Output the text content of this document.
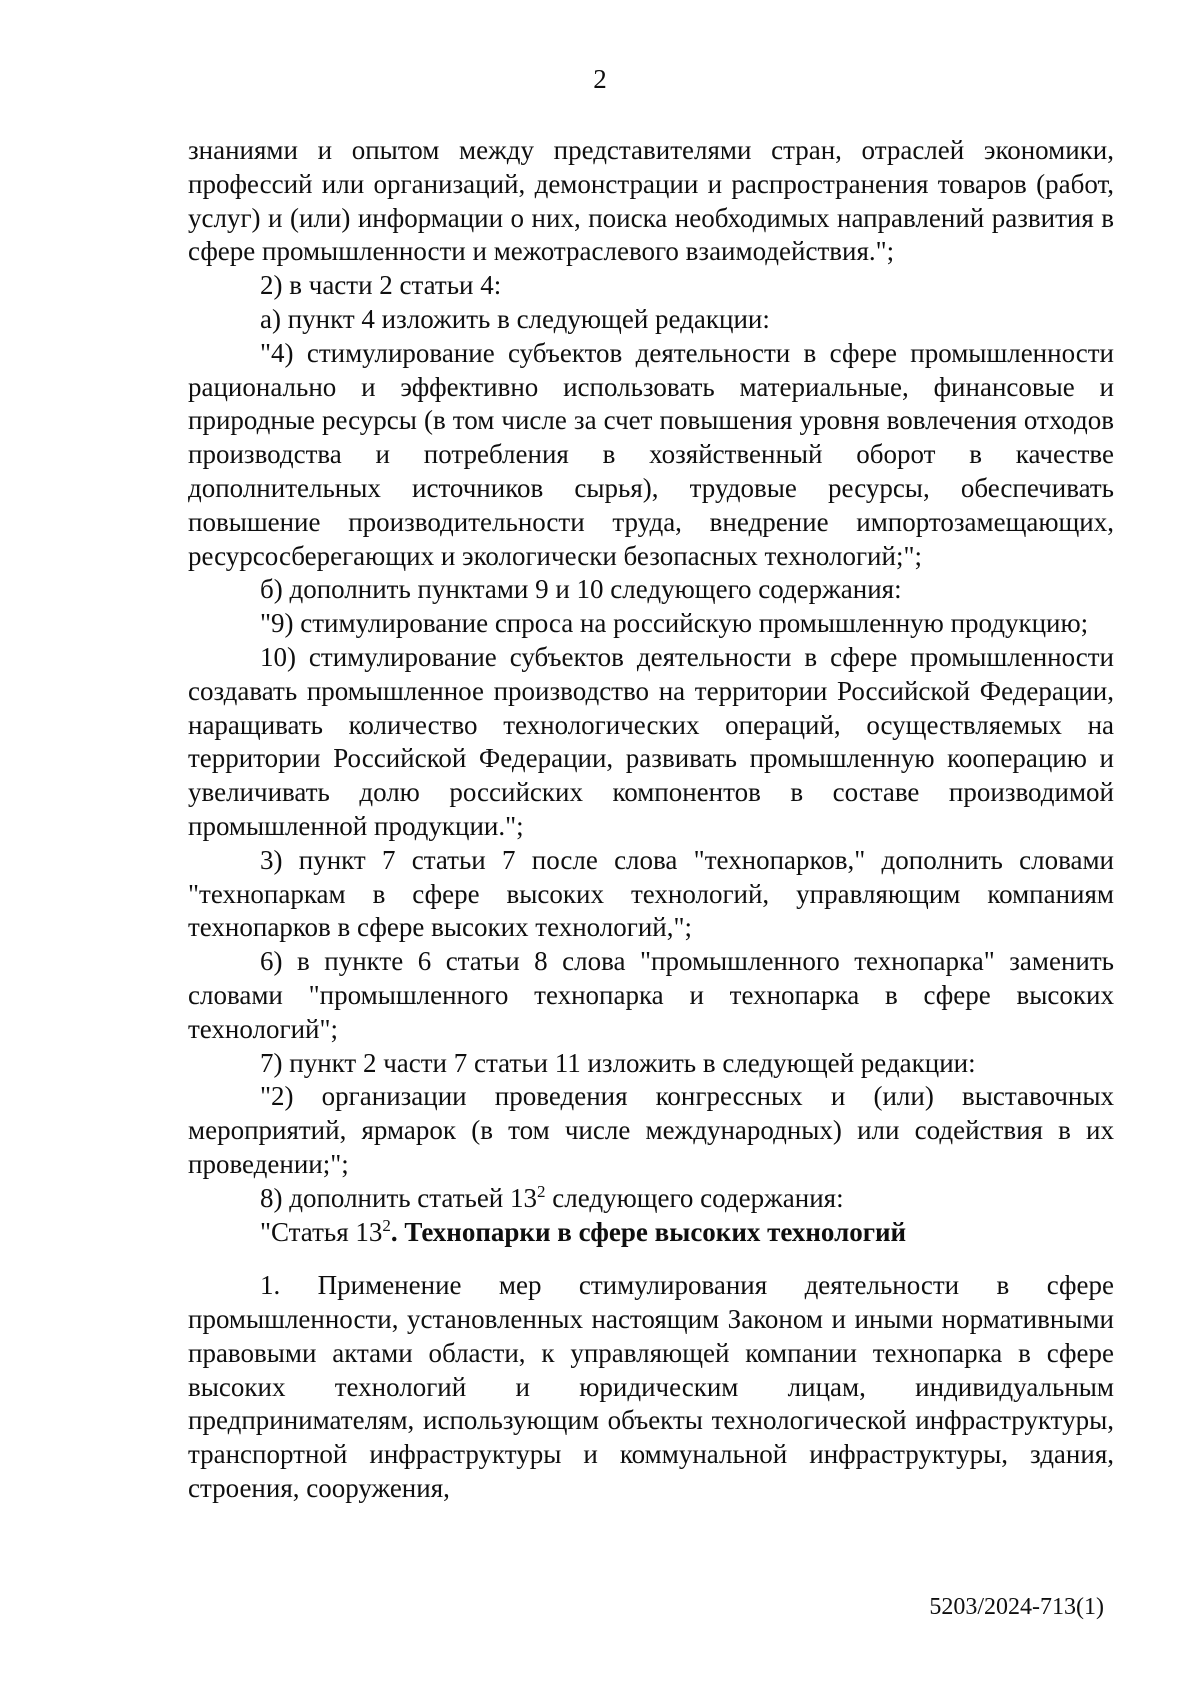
2

знаниями и опытом между представителями стран, отраслей экономики, профессий или организаций, демонстрации и распространения товаров (работ, услуг) и (или) информации о них, поиска необходимых направлений развития в сфере промышленности и межотраслевого взаимодействия.";

2) в части 2 статьи 4:

а) пункт 4 изложить в следующей редакции:

"4) стимулирование субъектов деятельности в сфере промышленности рационально и эффективно использовать материальные, финансовые и природные ресурсы (в том числе за счет повышения уровня вовлечения отходов производства и потребления в хозяйственный оборот в качестве дополнительных источников сырья), трудовые ресурсы, обеспечивать повышение производительности труда, внедрение импортозамещающих, ресурсосберегающих и экологически безопасных технологий;";

б) дополнить пунктами 9 и 10 следующего содержания:

"9) стимулирование спроса на российскую промышленную продукцию;

10) стимулирование субъектов деятельности в сфере промышленности создавать промышленное производство на территории Российской Федерации, наращивать количество технологических операций, осуществляемых на территории Российской Федерации, развивать промышленную кооперацию и увеличивать долю российских компонентов в составе производимой промышленной продукции.";

3) пункт 7 статьи 7 после слова "технопарков," дополнить словами "технопаркам в сфере высоких технологий, управляющим компаниям технопарков в сфере высоких технологий,";

6) в пункте 6 статьи 8 слова "промышленного технопарка" заменить словами "промышленного технопарка и технопарка в сфере высоких технологий";

7) пункт 2 части 7 статьи 11 изложить в следующей редакции:

"2) организации проведения конгрессных и (или) выставочных мероприятий, ярмарок (в том числе международных) или содействия в их проведении;";

8) дополнить статьей $13^2$ следующего содержания:

"Статья $13^2$. Технопарки в сфере высоких технологий

1. Применение мер стимулирования деятельности в сфере промышленности, установленных настоящим Законом и иными нормативными правовыми актами области, к управляющей компании технопарка в сфере высоких технологий и юридическим лицам, индивидуальным предпринимателям, использующим объекты технологической инфраструктуры, транспортной инфраструктуры и коммунальной инфраструктуры, здания, строения, сооружения,

5203/2024-713(1)
